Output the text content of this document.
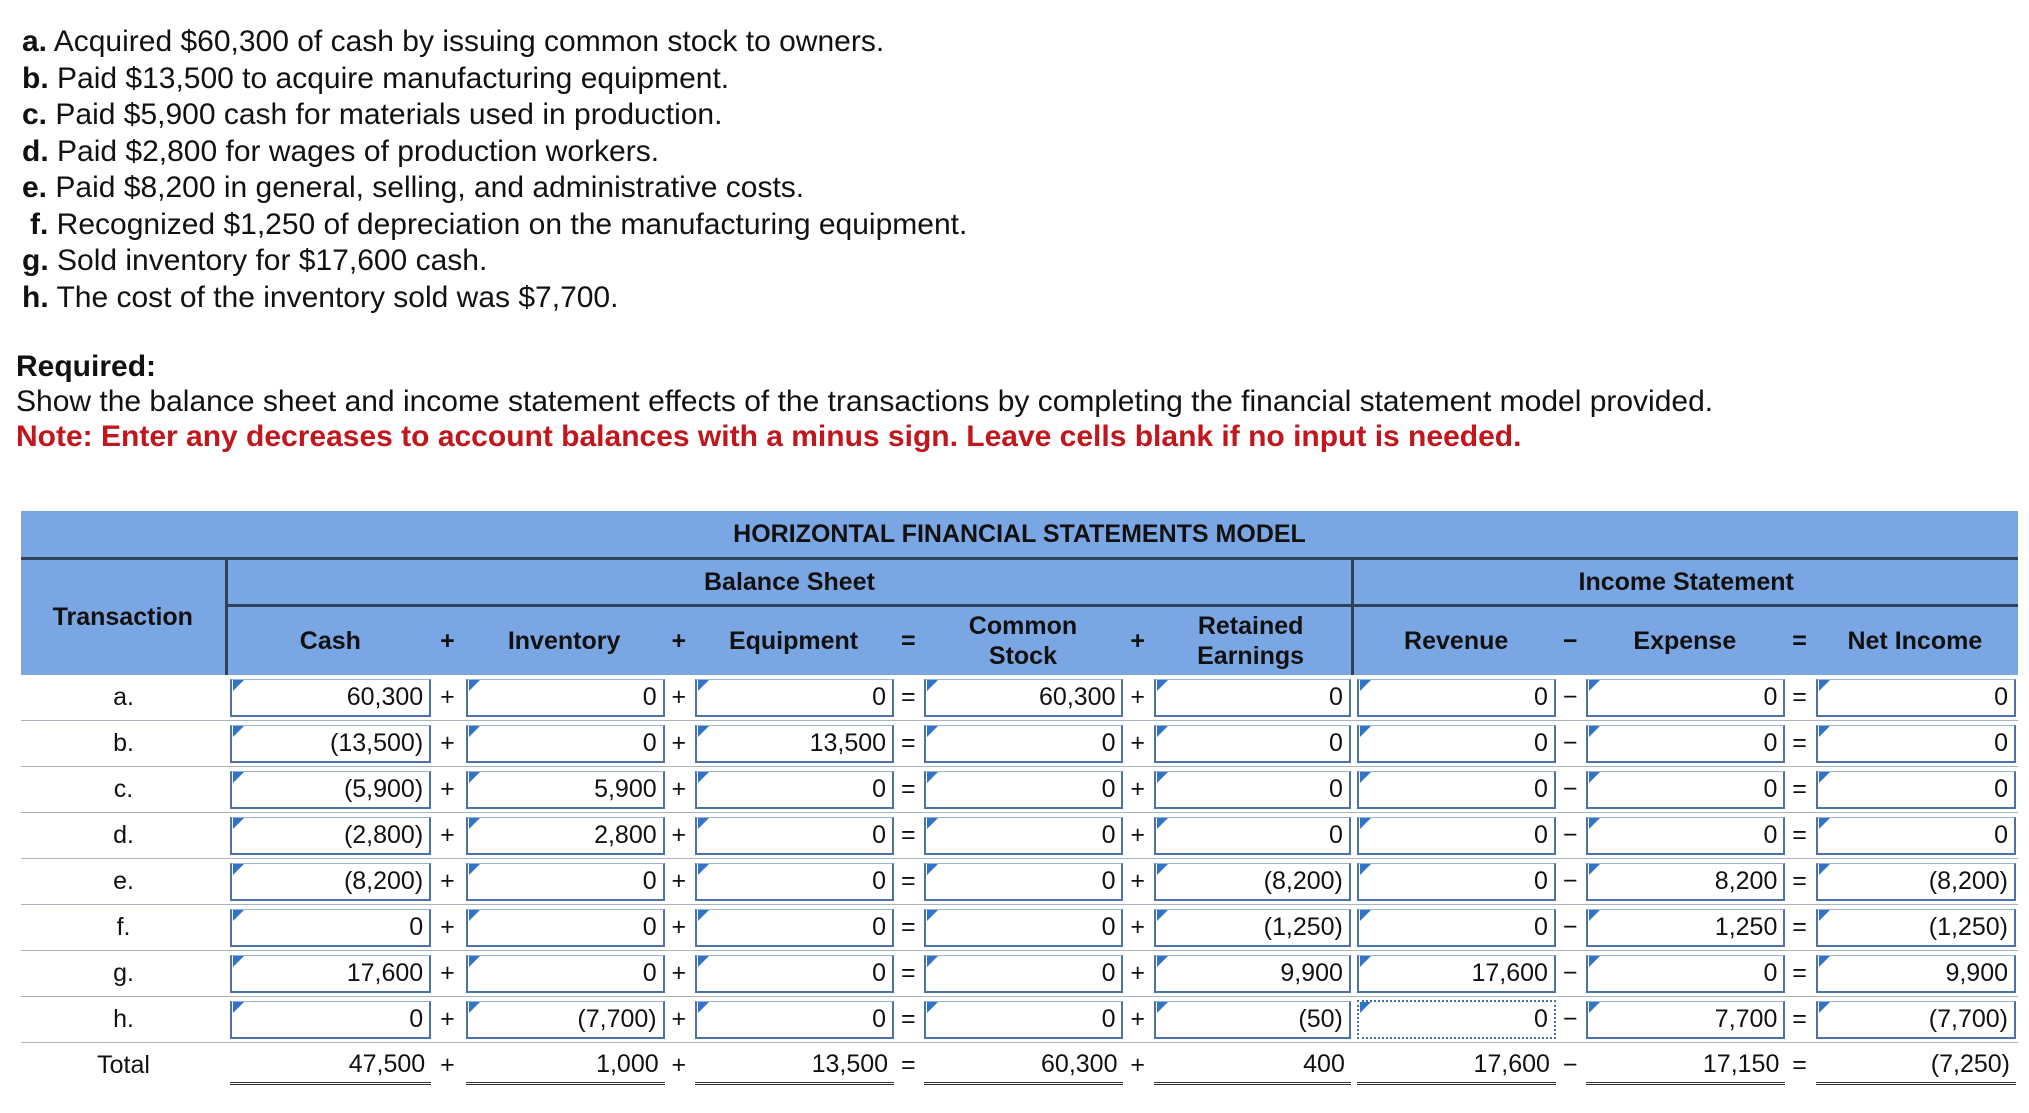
a. Acquired $60,300 of cash by issuing common stock to owners.
b. Paid $13,500 to acquire manufacturing equipment.
c. Paid $5,900 cash for materials used in production.
d. Paid $2,800 for wages of production workers.
e. Paid $8,200 in general, selling, and administrative costs.
f. Recognized $1,250 of depreciation on the manufacturing equipment.
g. Sold inventory for $17,600 cash.
h. The cost of the inventory sold was $7,700.
Required:
Show the balance sheet and income statement effects of the transactions by completing the financial statement model provided.
Note: Enter any decreases to account balances with a minus sign. Leave cells blank if no input is needed.
HORIZONTAL FINANCIAL STATEMENTS MODEL														
Transaction	Balance Sheet									Income Statement				
	Cash	+	Inventory	+	Equipment	=	Common
Stock	+	Retained
Earnings	Revenue	−	Expense	=	Net Income
a.	60,300	+	0	+	0	=	60,300	+	0	0	−	0	=	0

b.	(13,500)	+	0	+	13,500	=	0	+	0	0	−	0	=	0

c.	(5,900)	+	5,900	+	0	=	0	+	0	0	−	0	=	0

d.	(2,800)	+	2,800	+	0	=	0	+	0	0	−	0	=	0

e.	(8,200)	+	0	+	0	=	0	+	(8,200)	0	−	8,200	=	(8,200)

f.	0	+	0	+	0	=	0	+	(1,250)	0	−	1,250	=	(1,250)

g.	17,600	+	0	+	0	=	0	+	9,900	17,600	−	0	=	9,900

h.	0	+	(7,700)	+	0	=	0	+	(50)	0	−	7,700	=	(7,700)

Total	47,500	+	1,000	+	13,500	=	60,300	+	400	17,600	−	17,150	=	(7,250)
